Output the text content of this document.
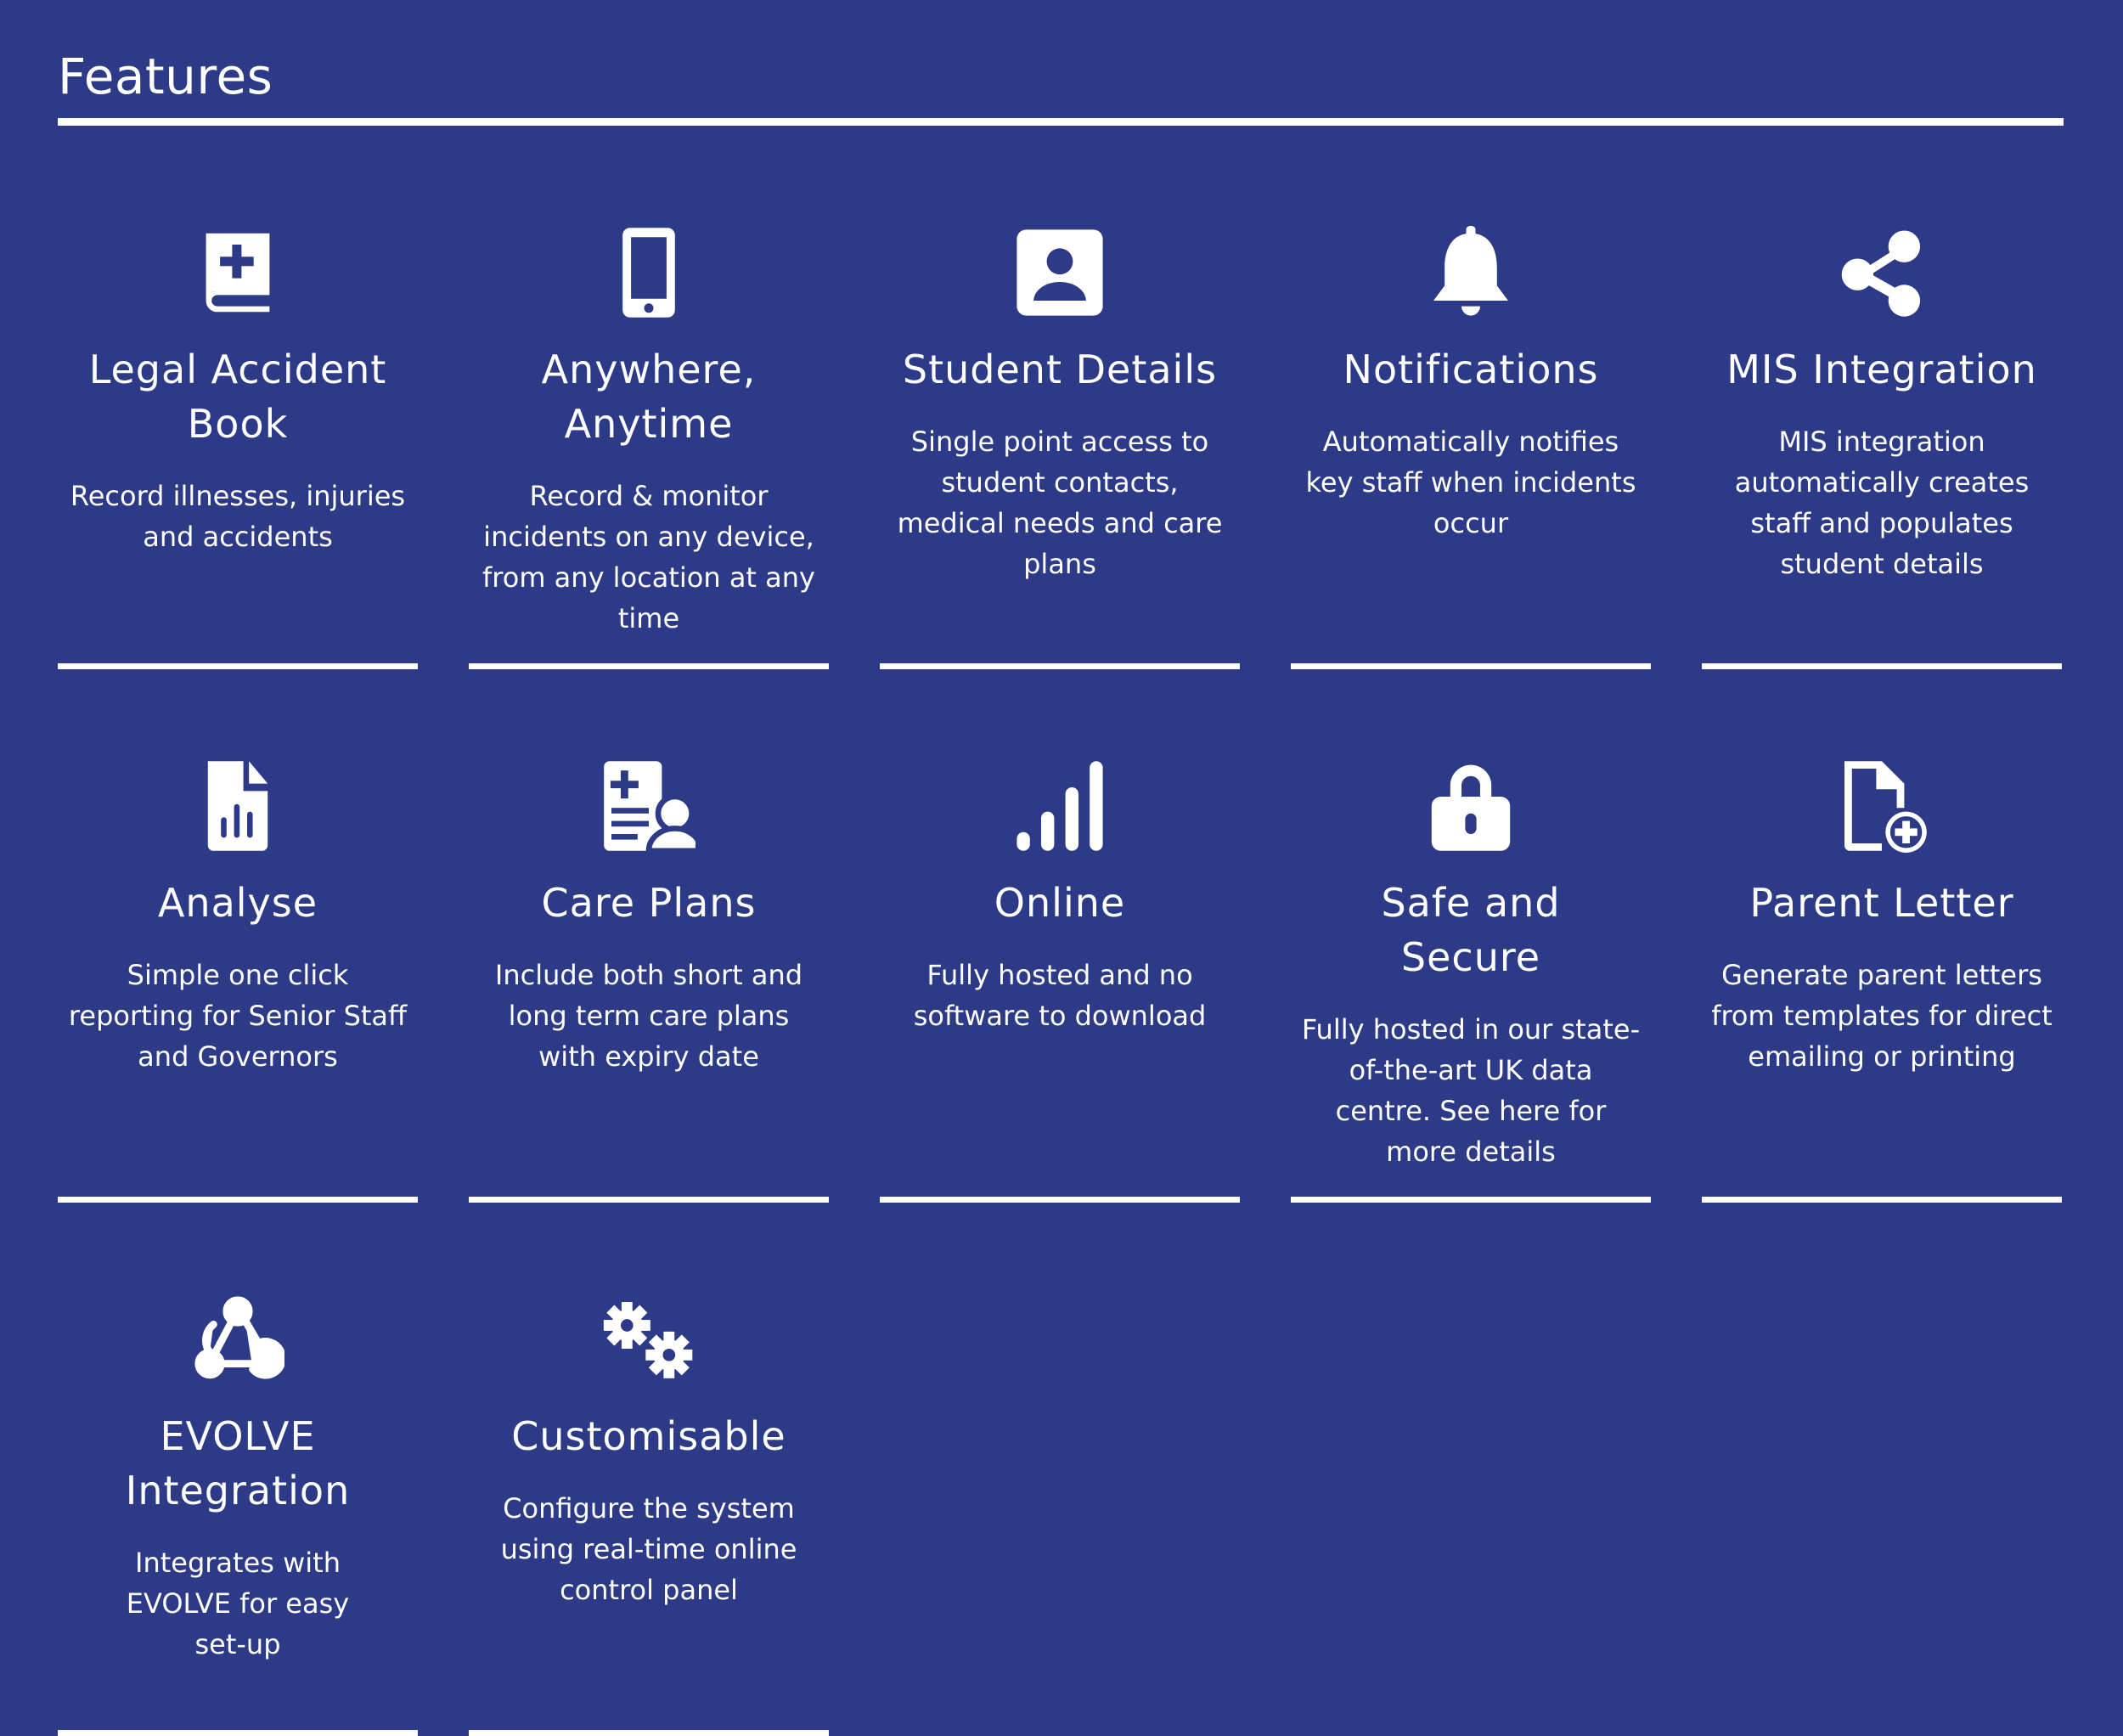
Features
Legal Accident Book

Record illnesses, injuries and accidents

Anywhere, Anytime

Record & monitor incidents on any device, from any location at any time

Student Details

Single point access to student contacts, medical needs and care plans

Notifications

Automatically notifies key staff when incidents occur

MIS Integration

MIS integration automatically creates staff and populates student details

Analyse

Simple one click reporting for Senior Staff and Governors

Care Plans

Include both short and long term care plans with expiry date

Online

Fully hosted and no software to download

Safe and Secure

Fully hosted in our state-of-the-art UK data centre. See here for more details

Parent Letter

Generate parent letters from templates for direct emailing or printing

EVOLVE Integration

Integrates with EVOLVE for easy set-up

Customisable

Configure the system using real-time online control panel
